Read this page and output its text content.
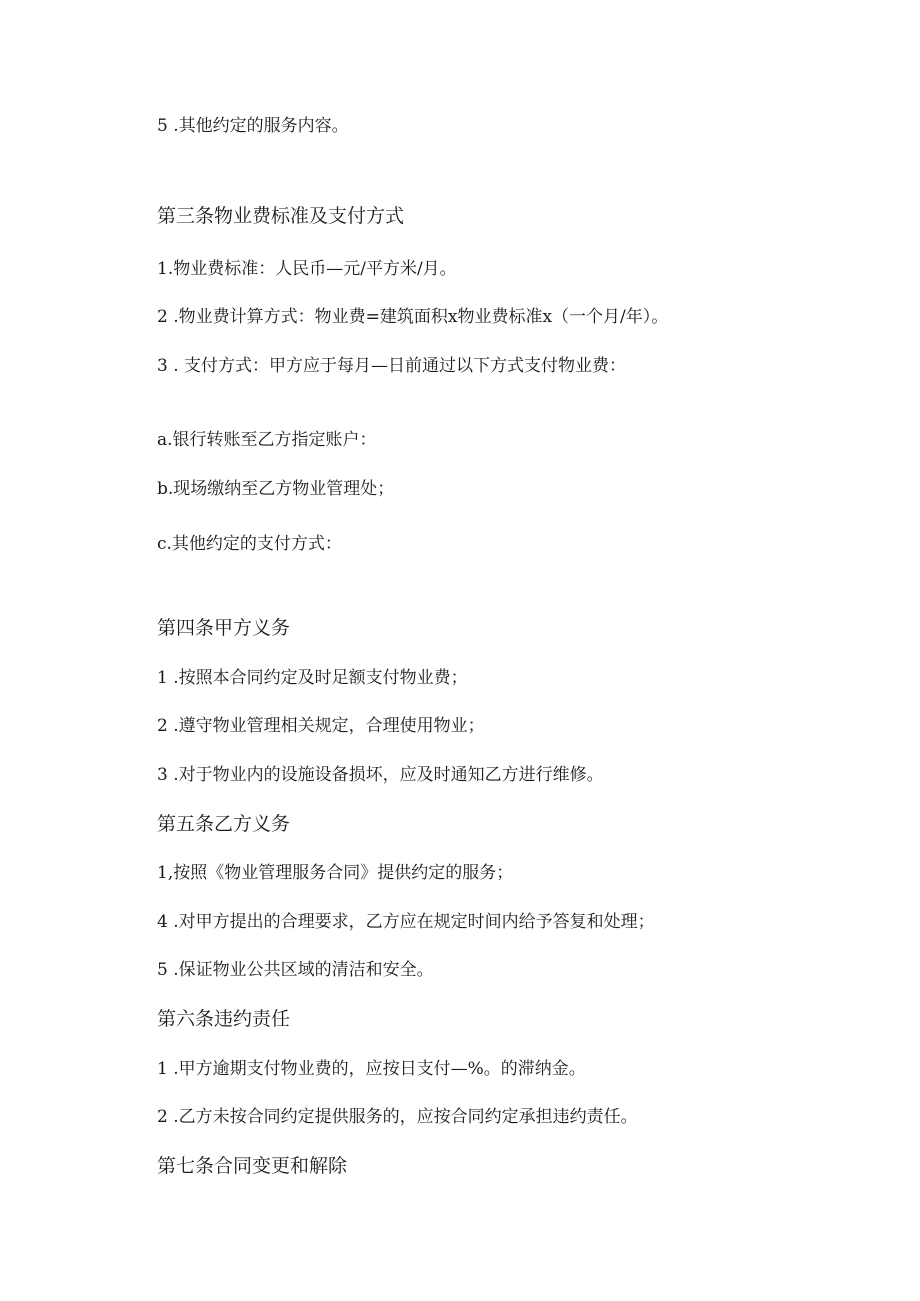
5 .其他约定的服务内容。
第三条物业费标准及支付方式
1.物业费标准：人民币—元/平方米/月。
2 .物业费计算方式：物业费=建筑面积x物业费标准x（一个月/年）。
3 . 支付方式：甲方应于每月—日前通过以下方式支付物业费：
a.银行转账至乙方指定账户：
b.现场缴纳至乙方物业管理处；
c.其他约定的支付方式：
第四条甲方义务
1 .按照本合同约定及时足额支付物业费；
2 .遵守物业管理相关规定，合理使用物业；
3 .对于物业内的设施设备损坏，应及时通知乙方进行维修。
第五条乙方义务
1,按照《物业管理服务合同》提供约定的服务；
4 .对甲方提出的合理要求，乙方应在规定时间内给予答复和处理；
5 .保证物业公共区域的清洁和安全。
第六条违约责任
1 .甲方逾期支付物业费的，应按日支付—%。的滞纳金。
2 .乙方未按合同约定提供服务的，应按合同约定承担违约责任。
第七条合同变更和解除
